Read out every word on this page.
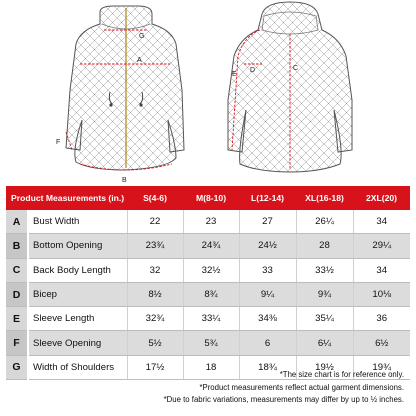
G
A
B
F
E
D	C
Product Measurements (in.)		S(4-6)	M(8-10)	L(12-14)	XL(16-18)	2XL(20)
A	Bust Width	22	23	27	26¼	34
B	Bottom Opening	23¾	24¾	24½	28	29¼
C	Back Body Length	32	32½	33	33½	34
D	Bicep	8½	8¾	9¼	9¾	10⅛
E	Sleeve Length	32¾	33¼	34⅜	35¼	36
F	Sleeve Opening	5½	5¾	6	6¼	6½
G	Width of Shoulders	17½	18	18¾	19½	19¾
*The size chart is for reference only.
*Product measurements reflect actual garment dimensions.
*Due to fabric variations, measurements may differ by up to ½ inches.
